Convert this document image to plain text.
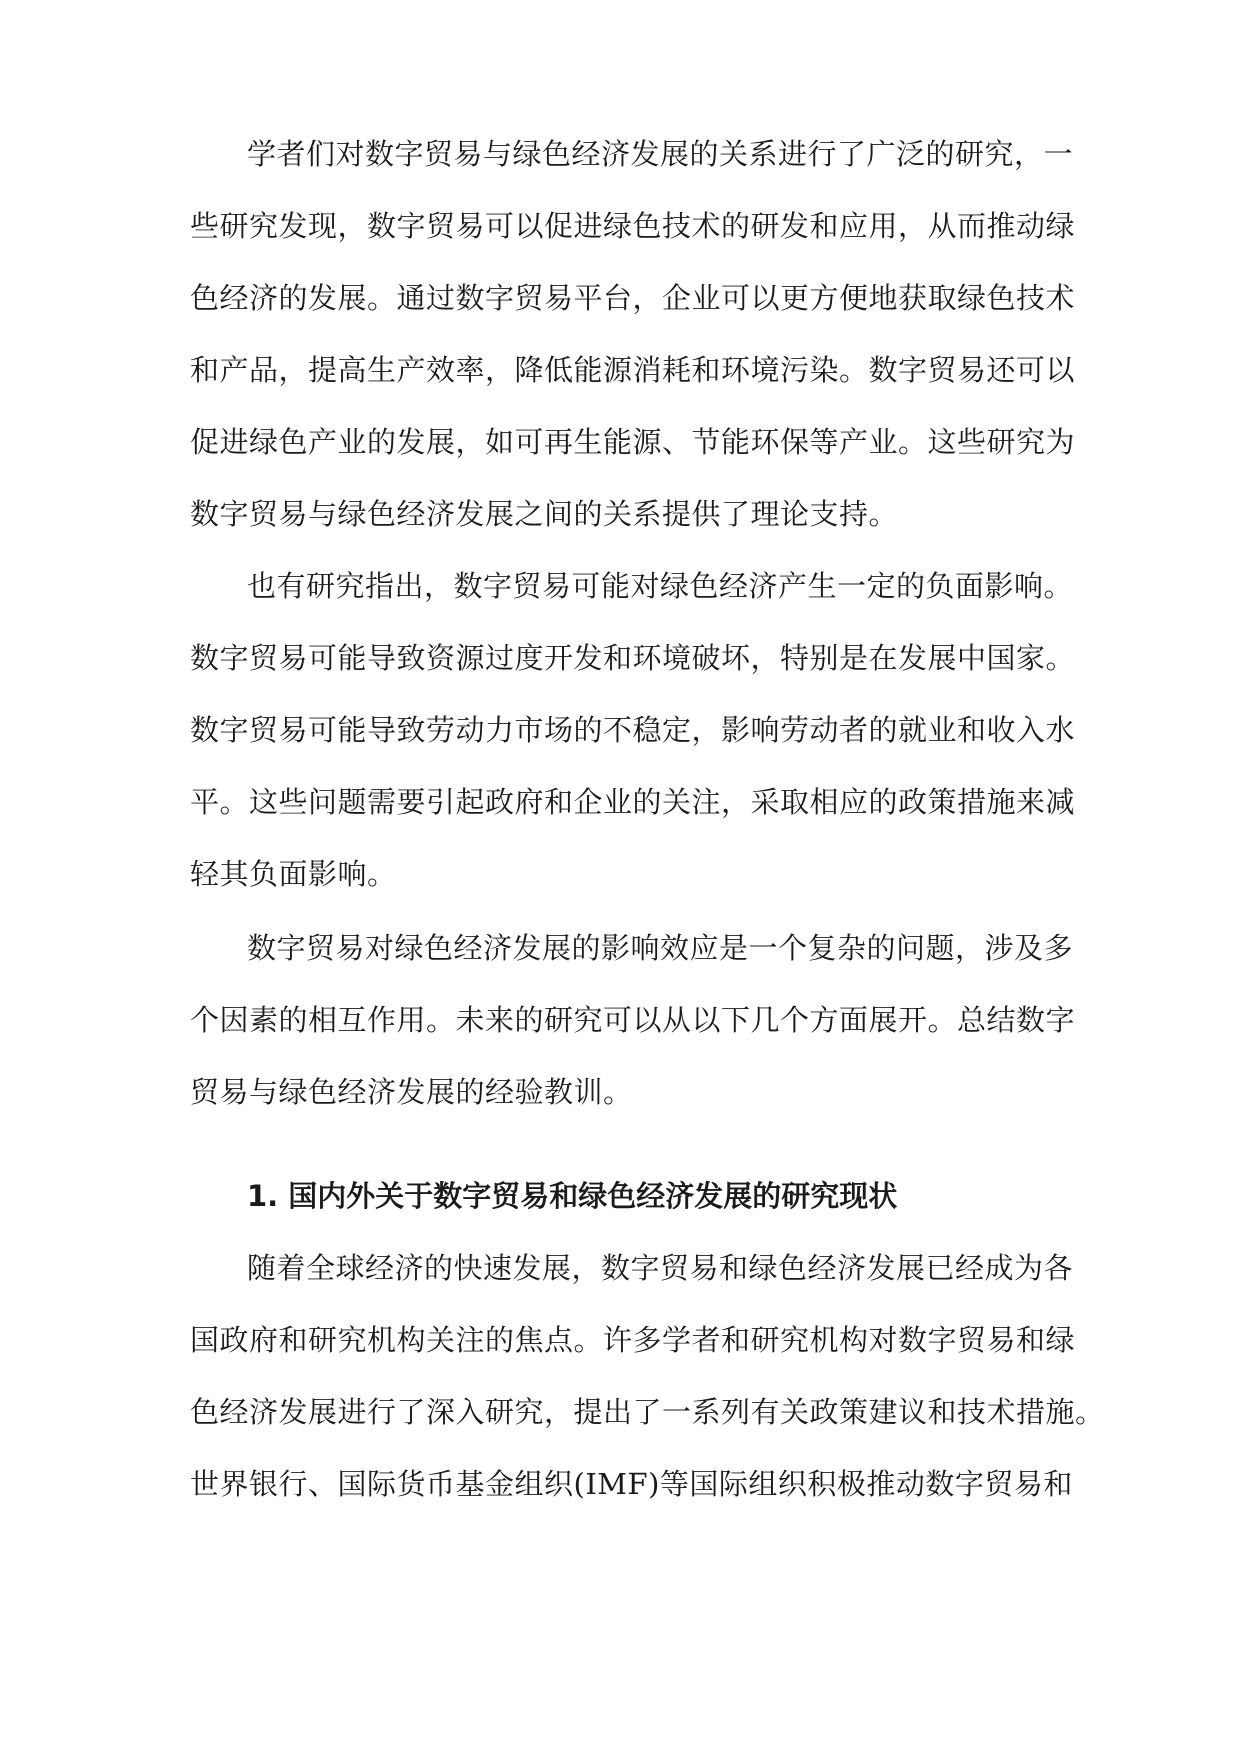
学者们对数字贸易与绿色经济发展的关系进行了广泛的研究，一
些研究发现，数字贸易可以促进绿色技术的研发和应用，从而推动绿
色经济的发展。通过数字贸易平台，企业可以更方便地获取绿色技术
和产品，提高生产效率，降低能源消耗和环境污染。数字贸易还可以
促进绿色产业的发展，如可再生能源、节能环保等产业。这些研究为
数字贸易与绿色经济发展之间的关系提供了理论支持。
也有研究指出，数字贸易可能对绿色经济产生一定的负面影响。
数字贸易可能导致资源过度开发和环境破坏，特别是在发展中国家。
数字贸易可能导致劳动力市场的不稳定，影响劳动者的就业和收入水
平。这些问题需要引起政府和企业的关注，采取相应的政策措施来减
轻其负面影响。
数字贸易对绿色经济发展的影响效应是一个复杂的问题，涉及多
个因素的相互作用。未来的研究可以从以下几个方面展开。总结数字
贸易与绿色经济发展的经验教训。
1. 国内外关于数字贸易和绿色经济发展的研究现状
随着全球经济的快速发展，数字贸易和绿色经济发展已经成为各
国政府和研究机构关注的焦点。许多学者和研究机构对数字贸易和绿
色经济发展进行了深入研究，提出了一系列有关政策建议和技术措施。
世界银行、国际货币基金组织(IMF)等国际组织积极推动数字贸易和
